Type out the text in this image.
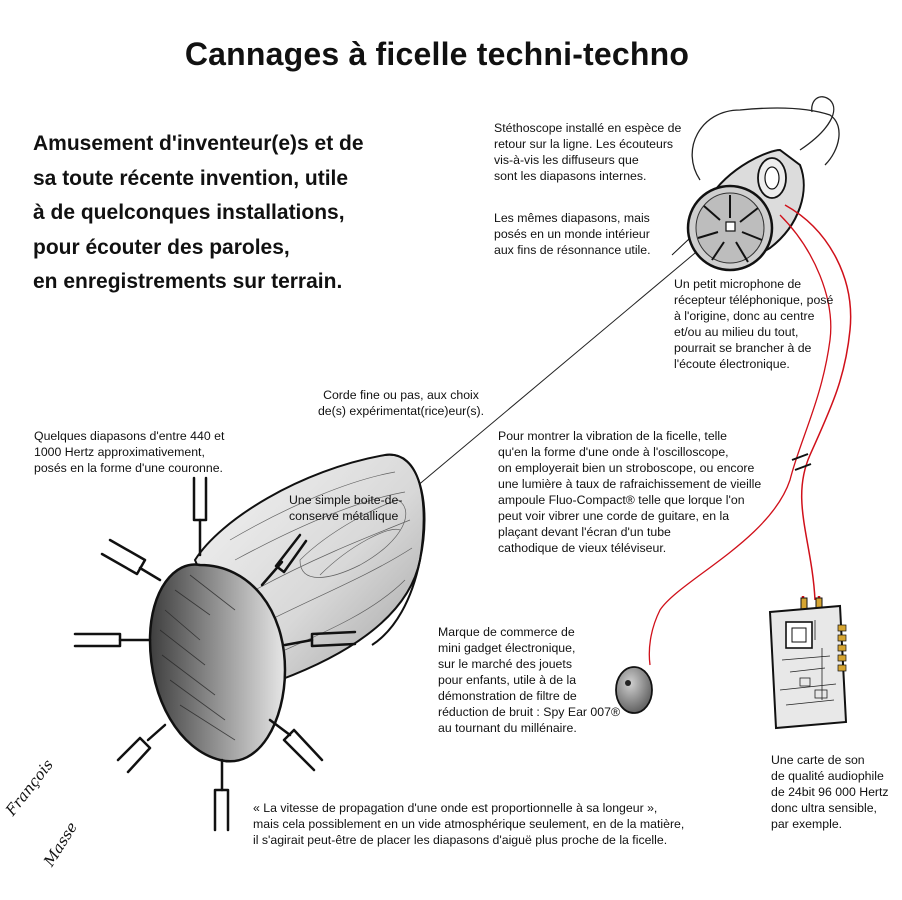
Cannages à ficelle techni-techno
Amusement d'inventeur(e)s et de
sa toute récente invention, utile
à de quelconques installations,
pour écouter des paroles,
en enregistrements sur terrain.
Stéthoscope installé en espèce de
retour sur la ligne. Les écouteurs
vis-à-vis les diffuseurs que
sont les diapasons internes.
Les mêmes diapasons, mais
posés en un monde intérieur
aux fins de résonnance utile.
Un petit microphone de
récepteur téléphonique, posé
à l'origine, donc au centre
et/ou au milieu du tout,
pourrait se brancher à de
l'écoute électronique.
Corde fine ou pas, aux choix
de(s) expérimentat(rice)eur(s).
Quelques diapasons d'entre 440 et
1000 Hertz approximativement,
posés en la forme d'une couronne.
Une simple boite-de-
conserve métallique
Pour montrer la vibration de la ficelle, telle
qu'en la forme d'une onde à l'oscilloscope,
on employerait bien un stroboscope, ou encore
une lumière à taux de rafraichissement de vieille
ampoule Fluo-Compact® telle que lorque l'on
peut voir vibrer une corde de guitare, en la
plaçant devant l'écran d'un tube
cathodique de vieux téléviseur.
Marque de commerce de
mini gadget électronique,
sur le marché des jouets
pour enfants, utile à de la
démonstration de filtre de
réduction de bruit : Spy Ear 007®
au tournant du millénaire.
Une carte de son
de qualité audiophile
de 24bit 96 000 Hertz
donc ultra sensible,
par exemple.
« La vitesse de propagation d'une onde est proportionnelle à sa longeur »,
mais cela possiblement en un vide atmosphérique seulement, en de la matière,
il s'agirait peut-être de placer les diapasons d'aiguë plus proche de la ficelle.
François
Masse
